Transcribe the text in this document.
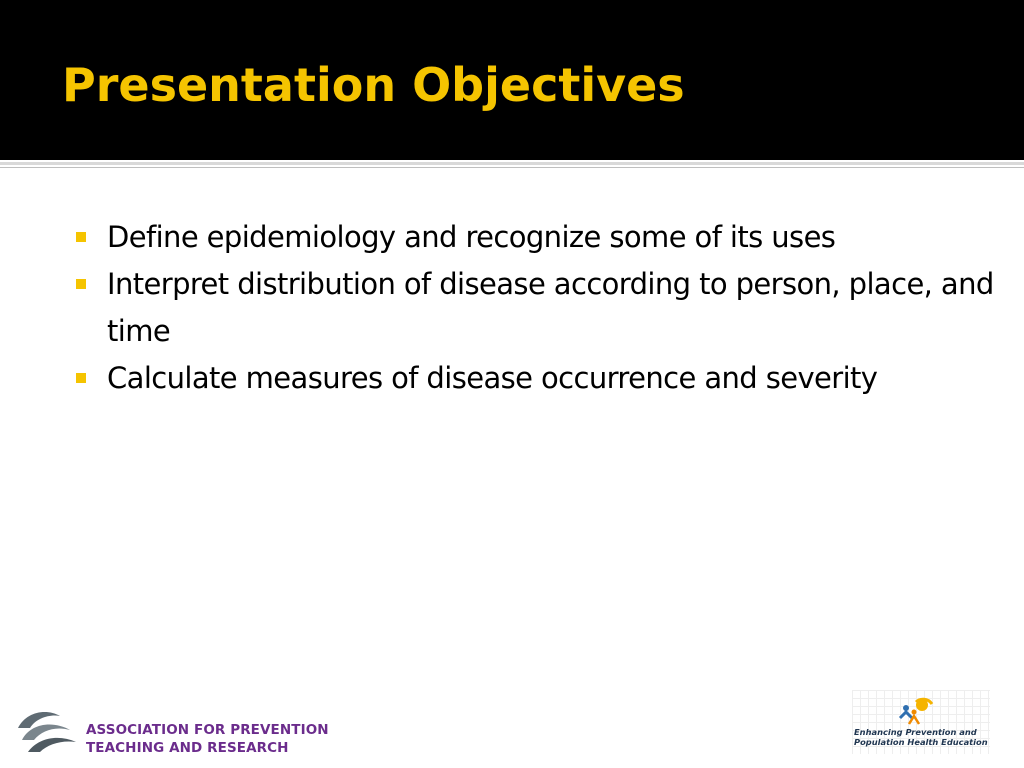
Presentation Objectives
Define epidemiology and recognize some of its uses
Interpret distribution of disease according to person, place, and time
Calculate measures of disease occurrence and severity
ASSOCIATION FOR PREVENTION
TEACHING AND RESEARCH
Enhancing Prevention and
Population Health Education
